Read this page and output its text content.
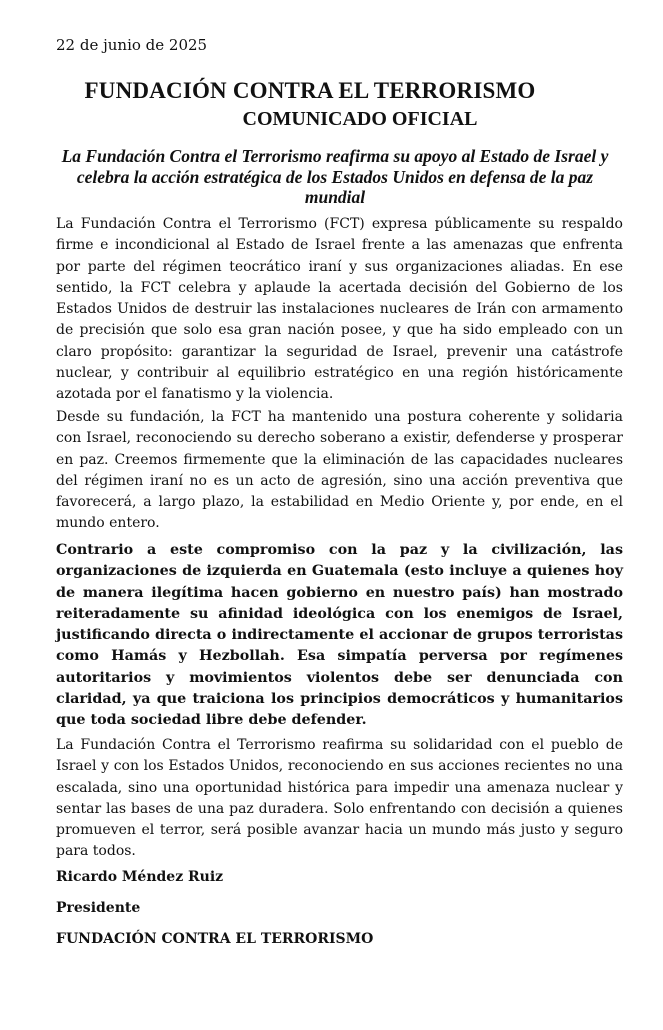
22 de junio de 2025
FUNDACIÓN CONTRA EL TERRORISMO
COMUNICADO OFICIAL
La Fundación Contra el Terrorismo reafirma su apoyo al Estado de Israel y celebra la acción estratégica de los Estados Unidos en defensa de la paz mundial

La Fundación Contra el Terrorismo (FCT) expresa públicamente su respaldo firme e incondicional al Estado de Israel frente a las amenazas que enfrenta por parte del régimen teocrático iraní y sus organizaciones aliadas. En ese sentido, la FCT celebra y aplaude la acertada decisión del Gobierno de los Estados Unidos de destruir las instalaciones nucleares de Irán con armamento de precisión que solo esa gran nación posee, y que ha sido empleado con un claro propósito: garantizar la seguridad de Israel, prevenir una catástrofe nuclear, y contribuir al equilibrio estratégico en una región históricamente azotada por el fanatismo y la violencia.

Desde su fundación, la FCT ha mantenido una postura coherente y solidaria con Israel, reconociendo su derecho soberano a existir, defenderse y prosperar en paz. Creemos firmemente que la eliminación de las capacidades nucleares del régimen iraní no es un acto de agresión, sino una acción preventiva que favorecerá, a largo plazo, la estabilidad en Medio Oriente y, por ende, en el mundo entero.

Contrario a este compromiso con la paz y la civilización, las organizaciones de izquierda en Guatemala (esto incluye a quienes hoy de manera ilegítima hacen gobierno en nuestro país) han mostrado reiteradamente su afinidad ideológica con los enemigos de Israel, justificando directa o indirectamente el accionar de grupos terroristas como Hamás y Hezbollah. Esa simpatía perversa por regímenes autoritarios y movimientos violentos debe ser denunciada con claridad, ya que traiciona los principios democráticos y humanitarios que toda sociedad libre debe defender.

La Fundación Contra el Terrorismo reafirma su solidaridad con el pueblo de Israel y con los Estados Unidos, reconociendo en sus acciones recientes no una escalada, sino una oportunidad histórica para impedir una amenaza nuclear y sentar las bases de una paz duradera. Solo enfrentando con decisión a quienes promueven el terror, será posible avanzar hacia un mundo más justo y seguro para todos.

Ricardo Méndez Ruiz
Presidente
FUNDACIÓN CONTRA EL TERRORISMO
